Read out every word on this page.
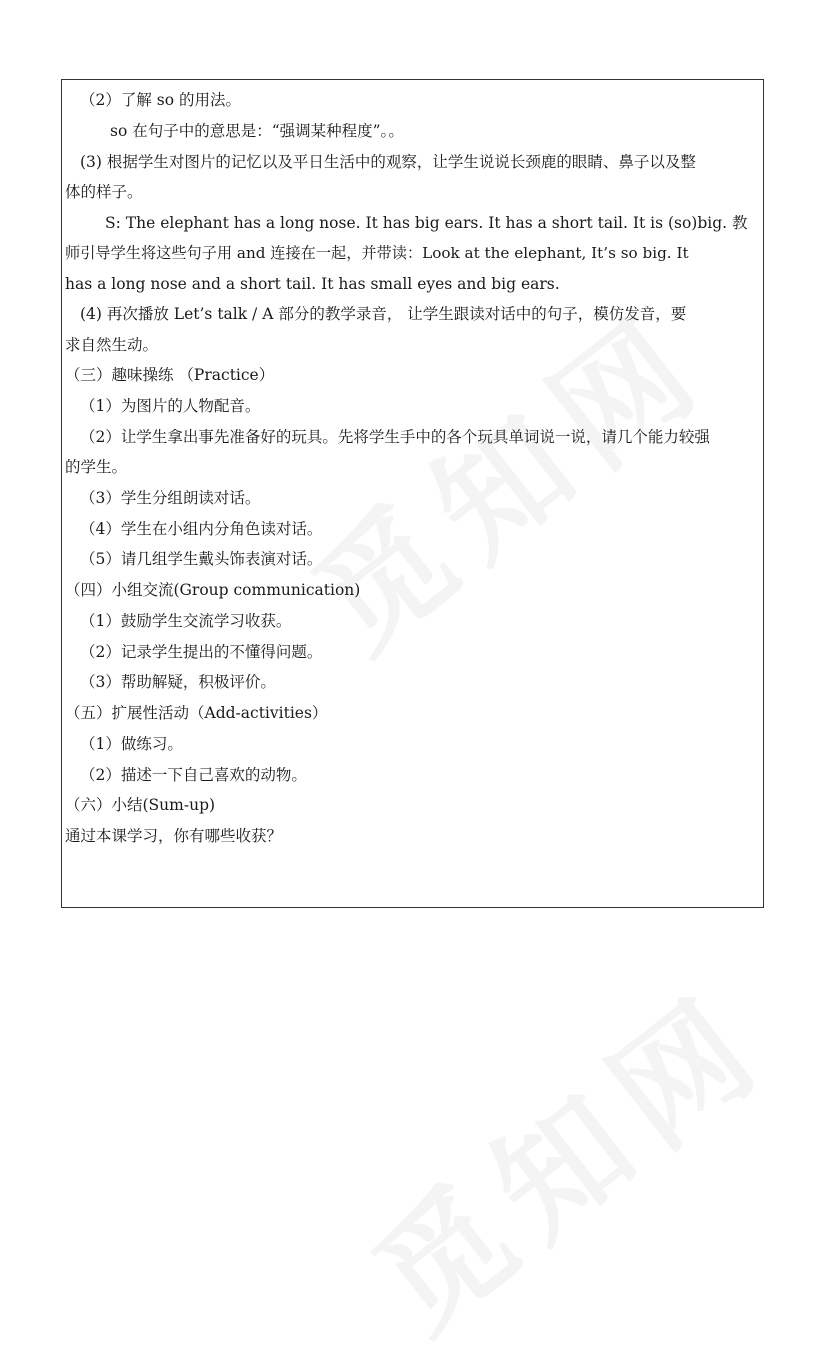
（2）了解 so 的用法。
so 在句子中的意思是：“强调某种程度”。。
(3) 根据学生对图片的记忆以及平日生活中的观察，让学生说说长颈鹿的眼睛、鼻子以及整
体的样子。
S: The elephant has a long nose. It has big ears. It has a short tail. It is (so)big. 教
师引导学生将这些句子用 and 连接在一起，并带读：Look at the elephant, It’s so big. It
has a long nose and a short tail. It has small eyes and big ears.
(4) 再次播放 Let’s talk / A 部分的教学录音， 让学生跟读对话中的句子，模仿发音，要
求自然生动。
（三）趣味操练 （Practice）
（1）为图片的人物配音。
（2）让学生拿出事先准备好的玩具。先将学生手中的各个玩具单词说一说，请几个能力较强
的学生。
（3）学生分组朗读对话。
（4）学生在小组内分角色读对话。
（5）请几组学生戴头饰表演对话。
（四）小组交流(Group communication)
（1）鼓励学生交流学习收获。
（2）记录学生提出的不懂得问题。
（3）帮助解疑，积极评价。
（五）扩展性活动（Add-activities）
（1）做练习。
（2）描述一下自己喜欢的动物。
（六）小结(Sum-up)
通过本课学习，你有哪些收获？
